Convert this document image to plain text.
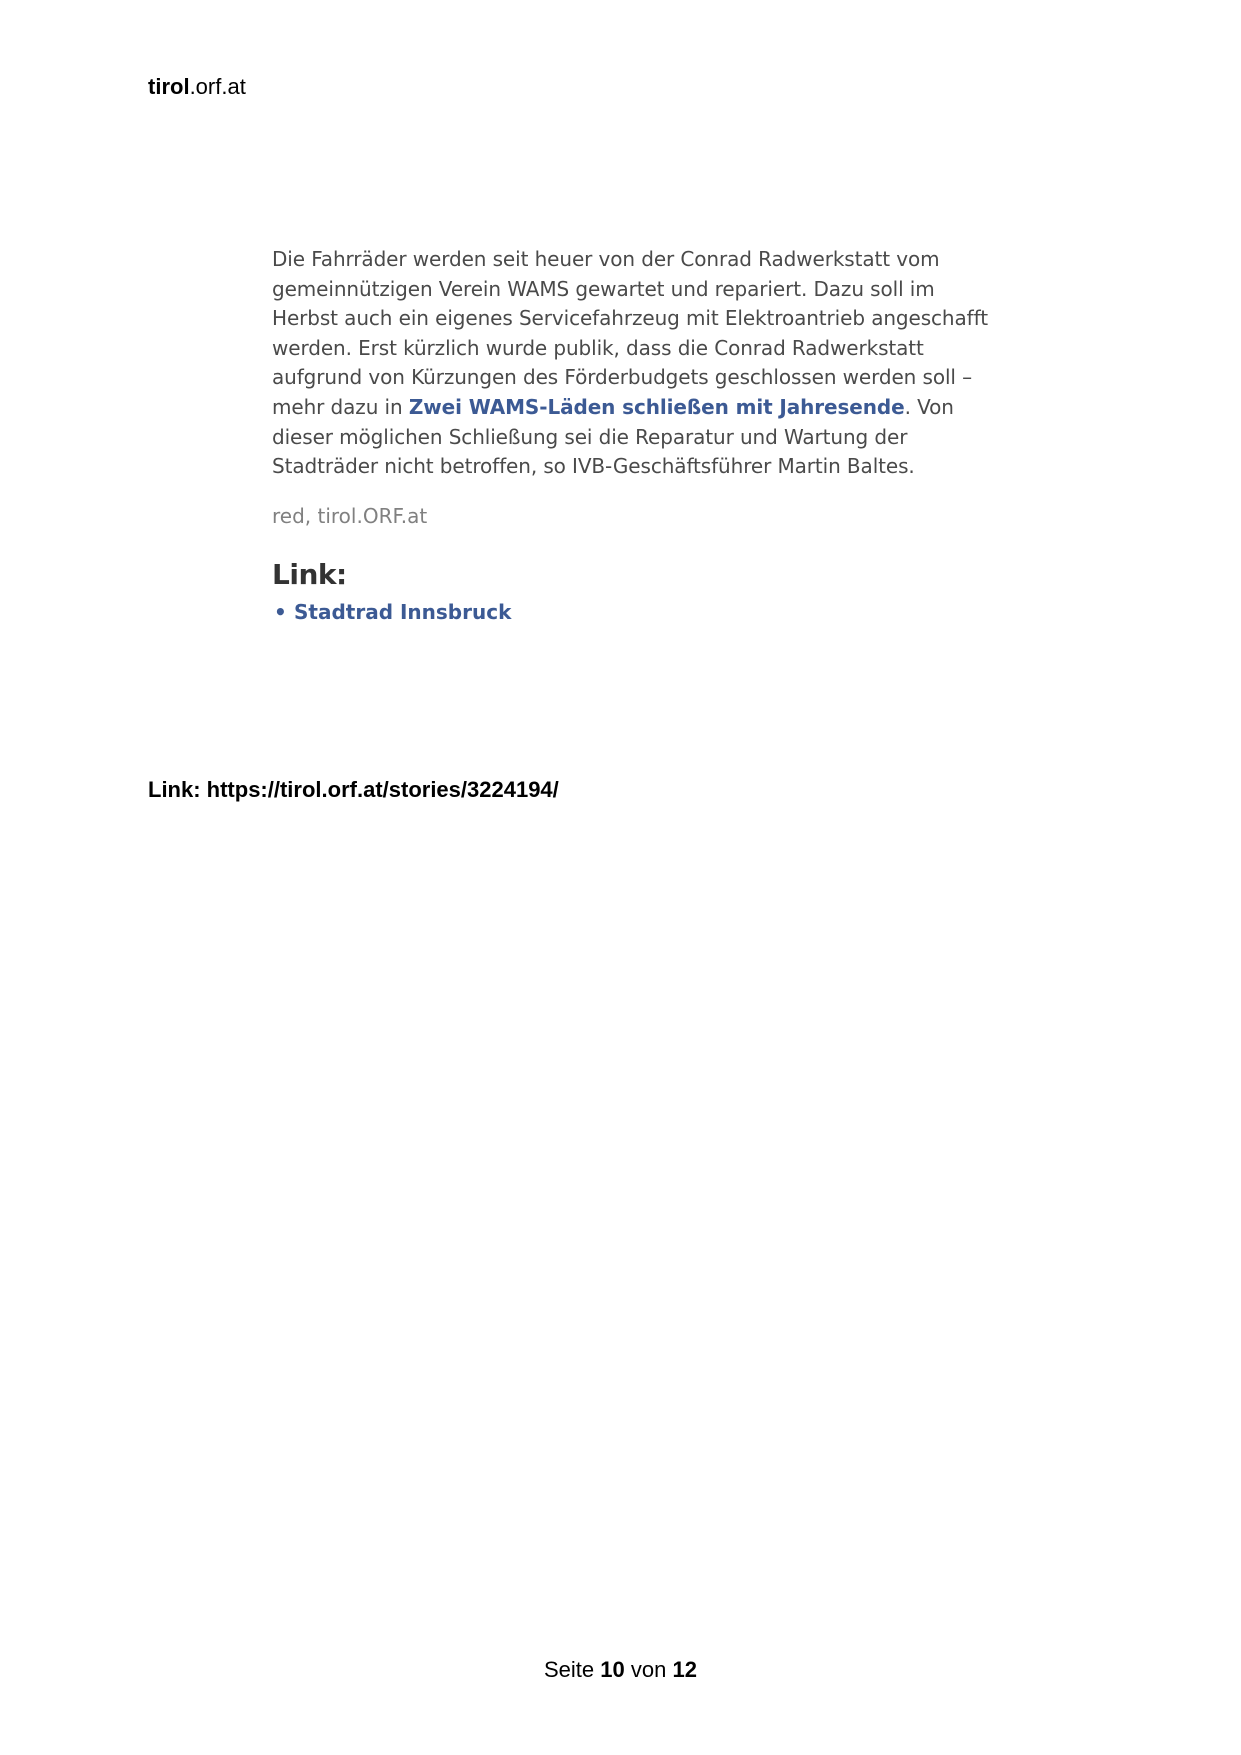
tirol.orf.at

Die Fahrräder werden seit heuer von der Conrad Radwerkstatt vom gemeinnützigen Verein WAMS gewartet und repariert. Dazu soll im Herbst auch ein eigenes Servicefahrzeug mit Elektroantrieb angeschafft werden. Erst kürzlich wurde publik, dass die Conrad Radwerkstatt aufgrund von Kürzungen des Förderbudgets geschlossen werden soll – mehr dazu in Zwei WAMS-Läden schließen mit Jahresende. Von dieser möglichen Schließung sei die Reparatur und Wartung der Stadträder nicht betroffen, so IVB-Geschäftsführer Martin Baltes.

red, tirol.ORF.at
Link:
• Stadtrad Innsbruck
Link: https://tirol.orf.at/stories/3224194/
Seite 10 von 12
